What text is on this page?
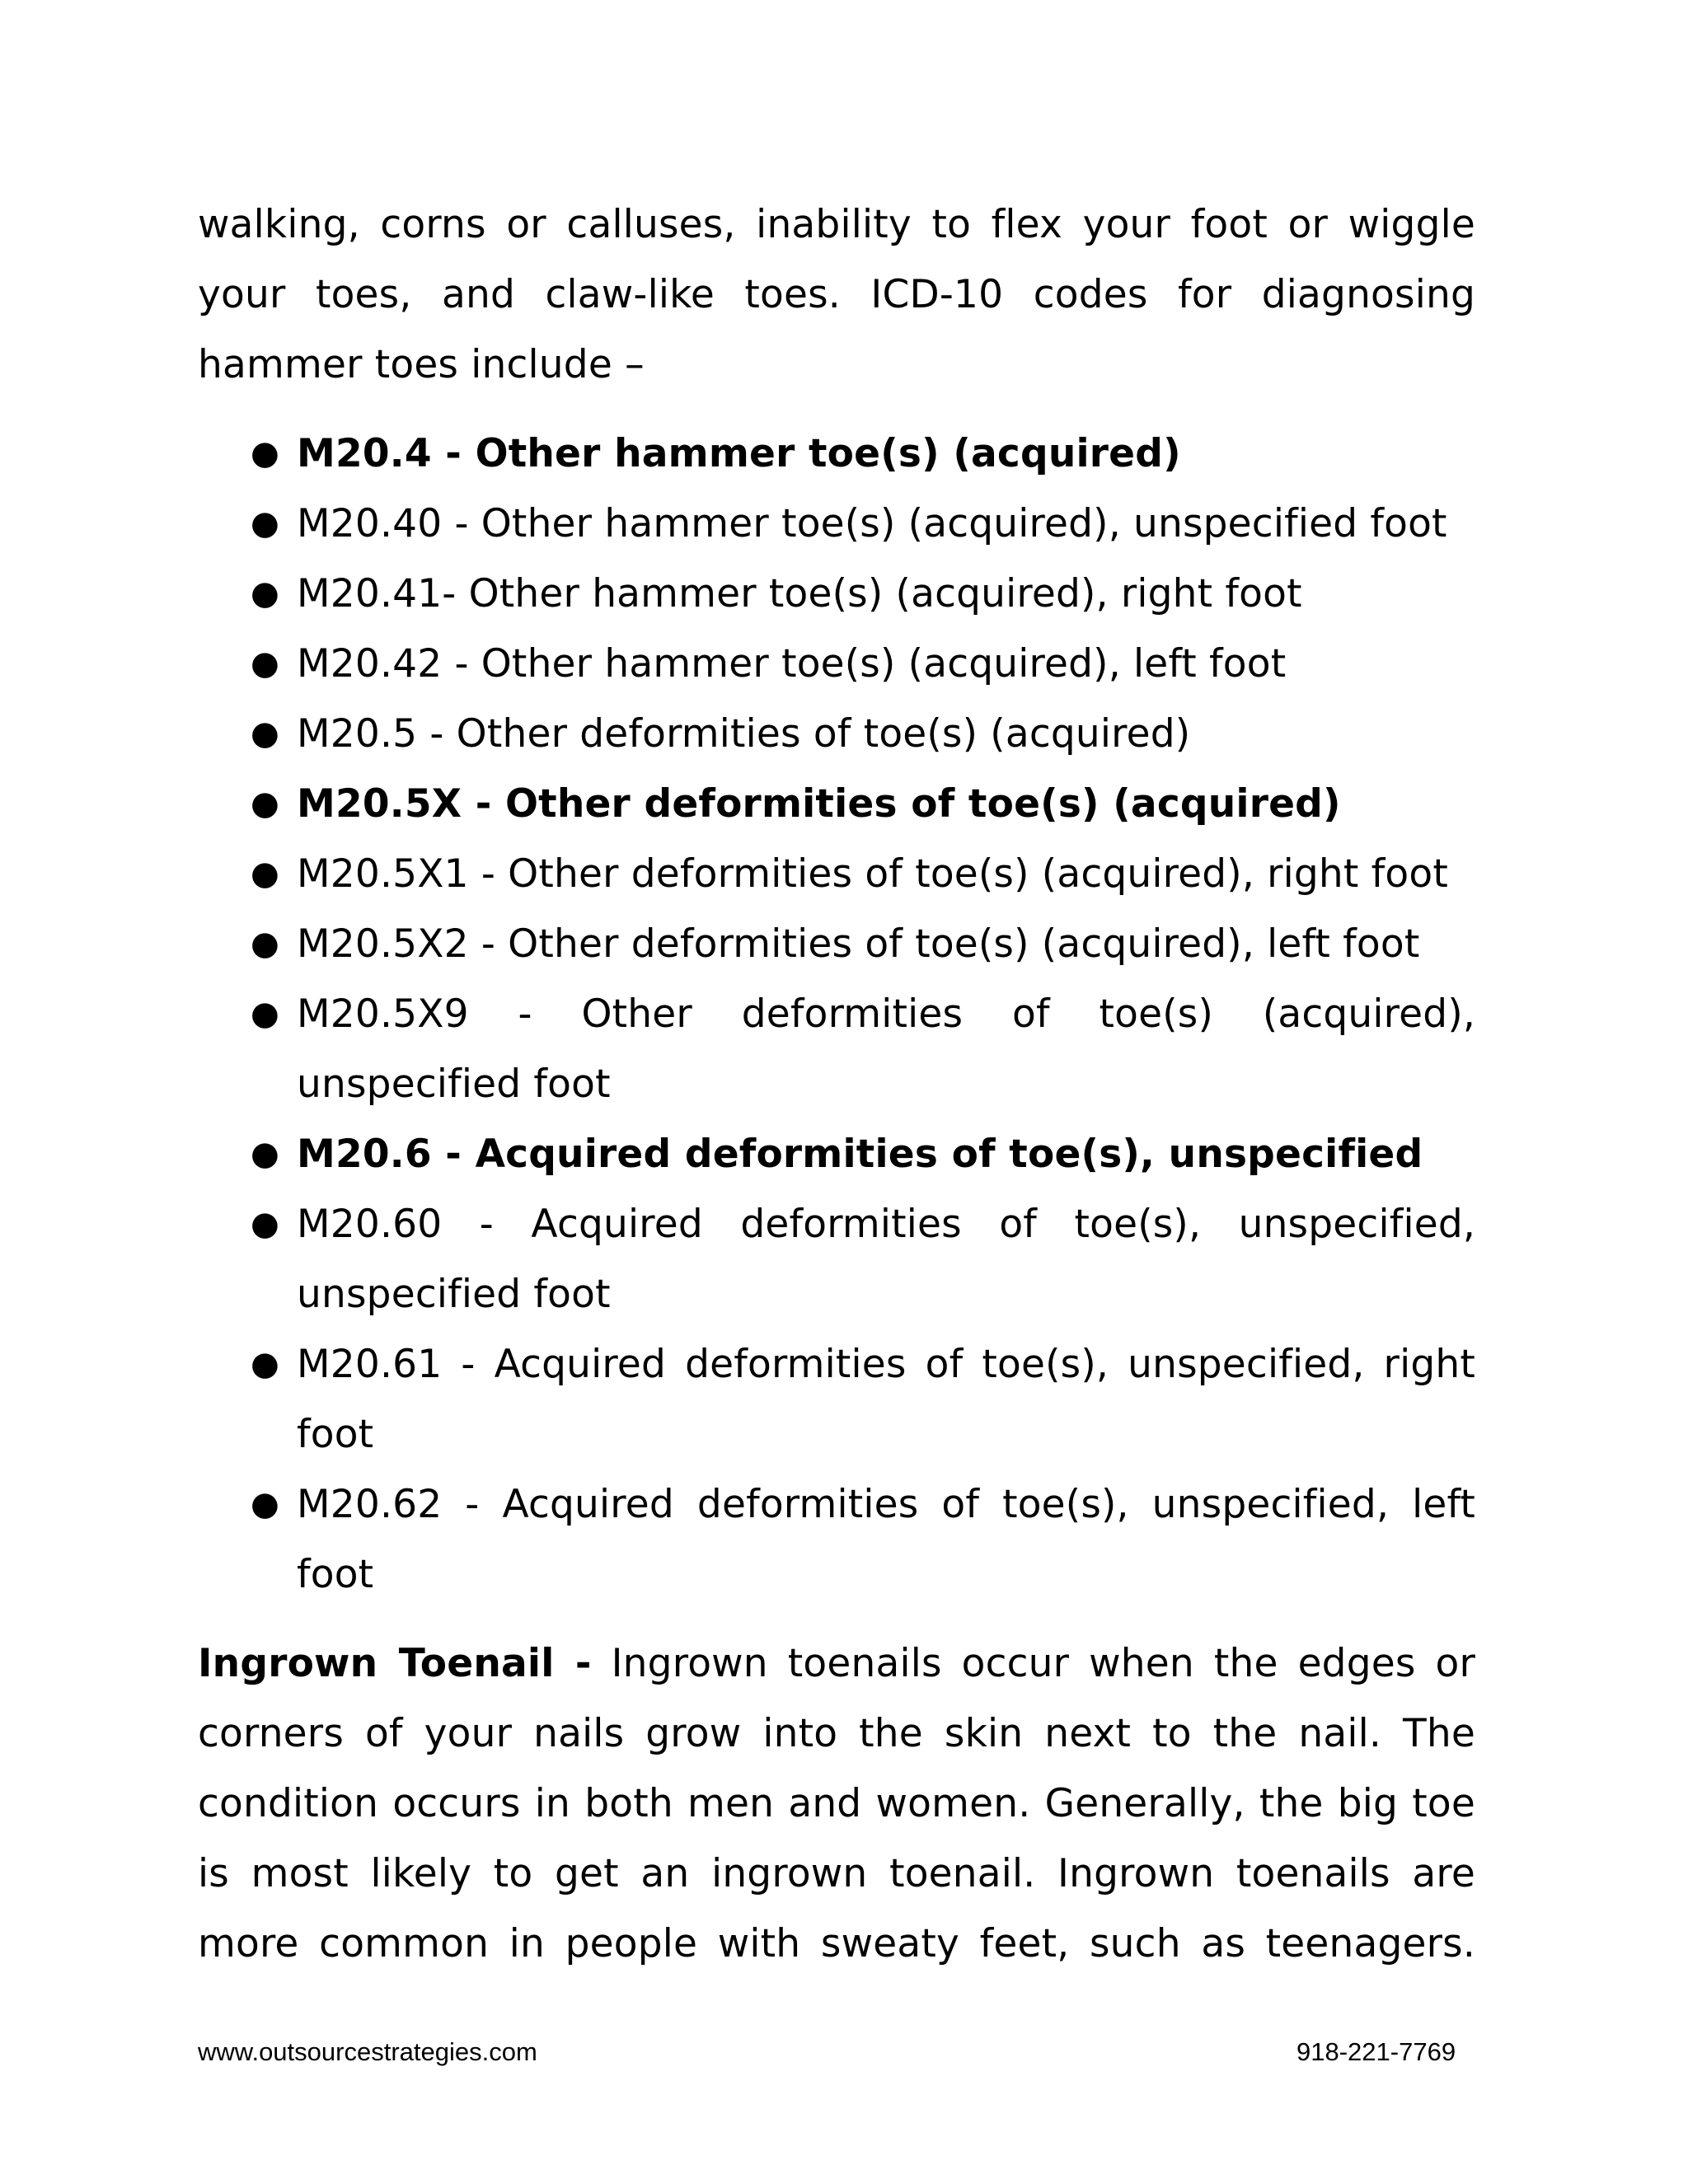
walking, corns or calluses, inability to flex your foot or wiggle your toes, and claw-like toes. ICD-10 codes for diagnosing hammer toes include –

● M20.4 - Other hammer toe(s) (acquired)
● M20.40 - Other hammer toe(s) (acquired), unspecified foot
● M20.41- Other hammer toe(s) (acquired), right foot
● M20.42 - Other hammer toe(s) (acquired), left foot
● M20.5 - Other deformities of toe(s) (acquired)
● M20.5X - Other deformities of toe(s) (acquired)
● M20.5X1 - Other deformities of toe(s) (acquired), right foot
● M20.5X2 - Other deformities of toe(s) (acquired), left foot
● M20.5X9 - Other deformities of toe(s) (acquired), unspecified foot
● M20.6 - Acquired deformities of toe(s), unspecified
● M20.60 - Acquired deformities of toe(s), unspecified, unspecified foot
● M20.61 - Acquired deformities of toe(s), unspecified, right foot
● M20.62 - Acquired deformities of toe(s), unspecified, left foot

Ingrown Toenail - Ingrown toenails occur when the edges or corners of your nails grow into the skin next to the nail. The condition occurs in both men and women. Generally, the big toe is most likely to get an ingrown toenail. Ingrown toenails are more common in people with sweaty feet, such as teenagers.

www.outsourcestrategies.com	918-221-7769
